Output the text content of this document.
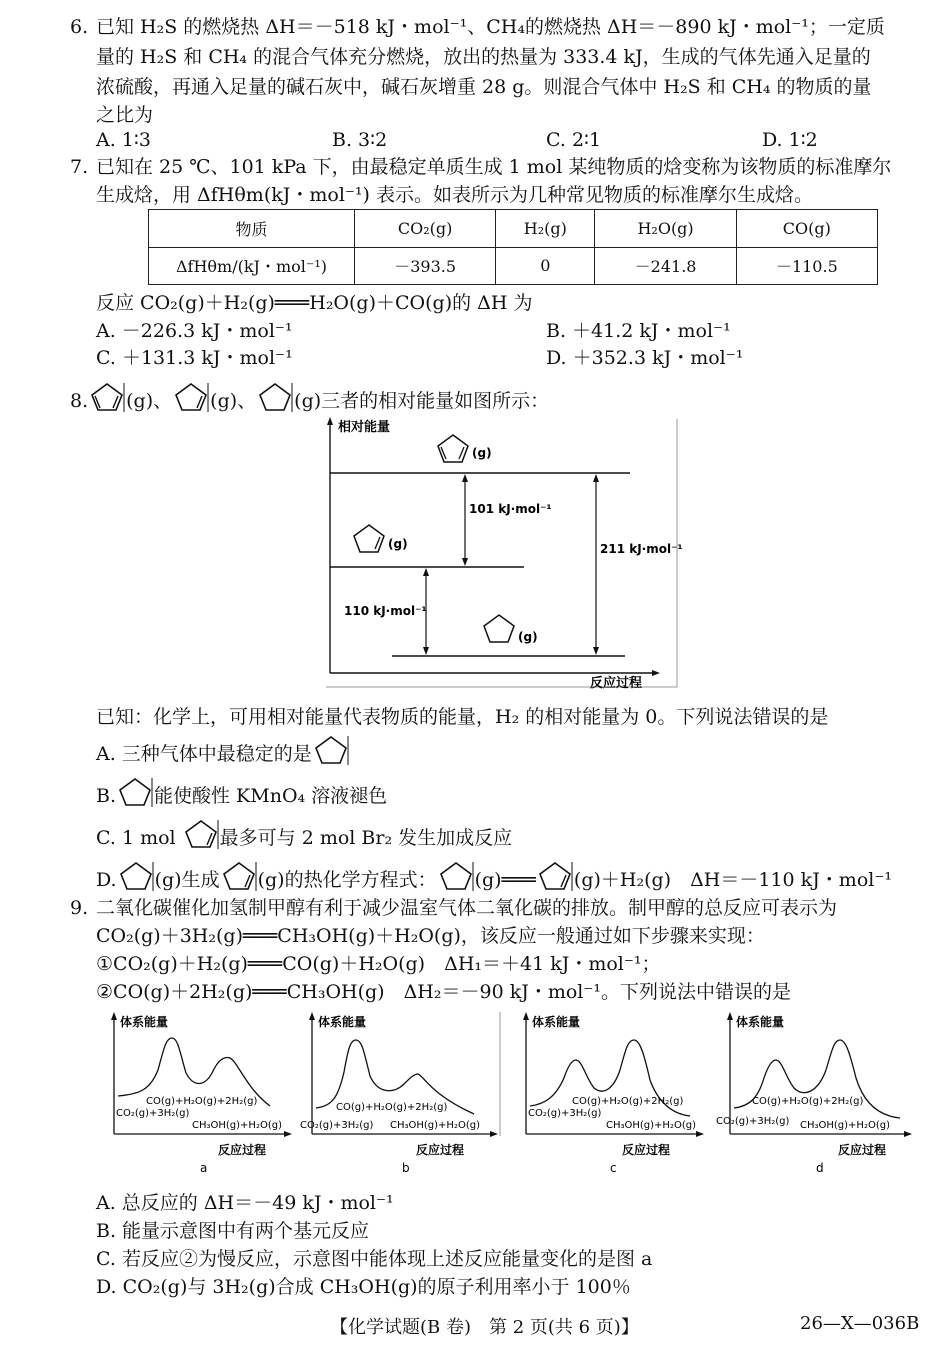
6. 已知 H₂S 的燃烧热 ΔH＝－518 kJ・mol⁻¹、CH₄的燃烧热 ΔH＝－890 kJ・mol⁻¹；一定质
量的 H₂S 和 CH₄ 的混合气体充分燃烧，放出的热量为 333.4 kJ，生成的气体先通入足量的
浓硫酸，再通入足量的碱石灰中，碱石灰增重 28 g。则混合气体中 H₂S 和 CH₄ 的物质的量
之比为
A. 1∶3	B. 3∶2	C. 2∶1	D. 1∶2
7. 已知在 25 ℃、101 kPa 下，由最稳定单质生成 1 mol 某纯物质的焓变称为该物质的标准摩尔
生成焓，用 ΔfHθm(kJ・mol⁻¹) 表示。如表所示为几种常见物质的标准摩尔生成焓。
物质	CO₂(g)	H₂(g)	H₂O(g)	CO(g)
ΔfHθm/(kJ・mol⁻¹)	－393.5	0	－241.8	－110.5
反应 CO₂(g)＋H₂(g)═══H₂O(g)＋CO(g)的 ΔH 为
A. －226.3 kJ・mol⁻¹	B. ＋41.2 kJ・mol⁻¹
C. ＋131.3 kJ・mol⁻¹	D. ＋352.3 kJ・mol⁻¹
8. (g)、 (g)、 (g)三者的相对能量如图所示：
相对能量
反应过程
(g)
(g)
(g)
101 kJ·mol⁻¹
110 kJ·mol⁻¹
211 kJ·mol⁻¹
已知：化学上，可用相对能量代表物质的能量，H₂ 的相对能量为 0。下列说法错误的是
A. 三种气体中最稳定的是
B. 能使酸性 KMnO₄ 溶液褪色
C. 1 mol 最多可与 2 mol Br₂ 发生加成反应
D. (g)生成 (g)的热化学方程式： (g)═══ (g)＋H₂(g)　ΔH＝－110 kJ・mol⁻¹
9. 二氧化碳催化加氢制甲醇有利于减少温室气体二氧化碳的排放。制甲醇的总反应可表示为
CO₂(g)＋3H₂(g)═══CH₃OH(g)＋H₂O(g)，该反应一般通过如下步骤来实现：
①CO₂(g)＋H₂(g)═══CO(g)＋H₂O(g)　ΔH₁＝＋41 kJ・mol⁻¹；
②CO(g)＋2H₂(g)═══CH₃OH(g)　ΔH₂＝－90 kJ・mol⁻¹。下列说法中错误的是
体系能量
反应过程
CO(g)+H₂O(g)+2H₂(g)
CO₂(g)+3H₂(g)
CH₃OH(g)+H₂O(g)
a
体系能量
反应过程
CO(g)+H₂O(g)+2H₂(g)
CO₂(g)+3H₂(g) CH₃OH(g)+H₂O(g)
b
体系能量
反应过程
CO(g)+H₂O(g)+2H₂(g)
CO₂(g)+3H₂(g)
CH₃OH(g)+H₂O(g)
c
体系能量
反应过程
CO(g)+H₂O(g)+2H₂(g)
CO₂(g)+3H₂(g) CH₃OH(g)+H₂O(g)
d
A. 总反应的 ΔH＝－49 kJ・mol⁻¹
B. 能量示意图中有两个基元反应
C. 若反应②为慢反应，示意图中能体现上述反应能量变化的是图 a
D. CO₂(g)与 3H₂(g)合成 CH₃OH(g)的原子利用率小于 100％
【化学试题(B 卷)　第 2 页(共 6 页)】	26—X—036B
